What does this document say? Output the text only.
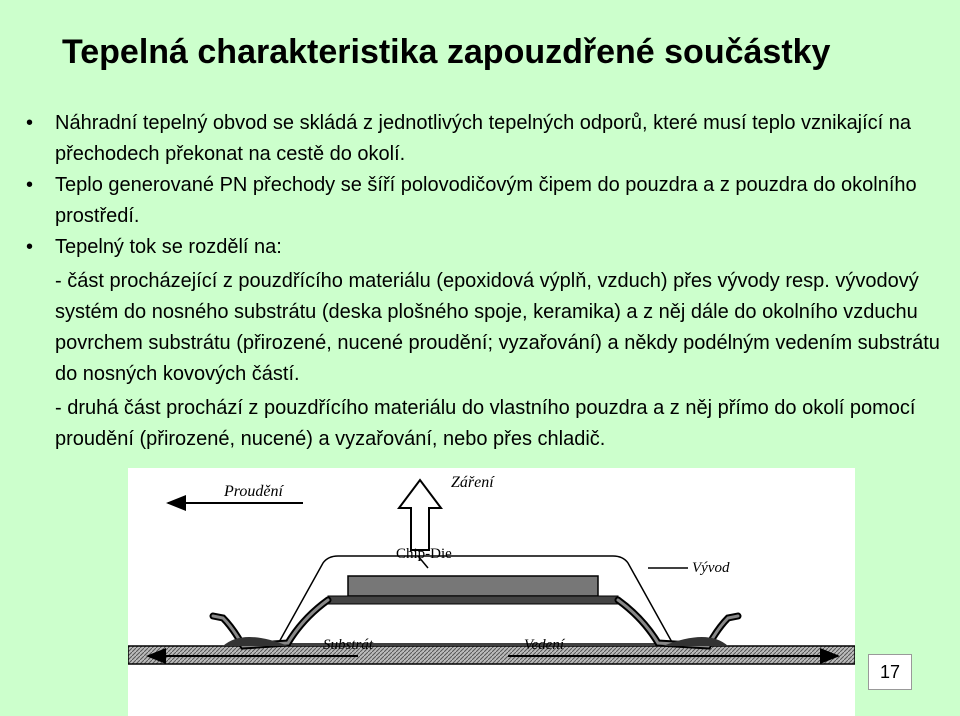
Tepelná charakteristika zapouzdřené součástky
• Náhradní tepelný obvod se skládá z jednotlivých tepelných odporů, které musí teplo vznikající na přechodech překonat na cestě do okolí.
• Teplo generované PN přechody se šíří polovodičovým čipem do pouzdra a z pouzdra do okolního prostředí.
• Tepelný tok se rozdělí na:
- část procházející z pouzdřícího materiálu (epoxidová výplň, vzduch) přes vývody resp. vývodový systém do nosného substrátu (deska plošného spoje, keramika) a z něj dále do okolního vzduchu povrchem substrátu (přirozené, nucené proudění; vyzařování) a někdy podélným vedením substrátu do nosných kovových částí.
- druhá část prochází z pouzdřícího materiálu do vlastního pouzdra a z něj přímo do okolí pomocí proudění (přirozené, nucené) a vyzařování, nebo přes chladič.
Proudění
Záření
Chip-Die
Vývod
Substrát	Vedení
17
